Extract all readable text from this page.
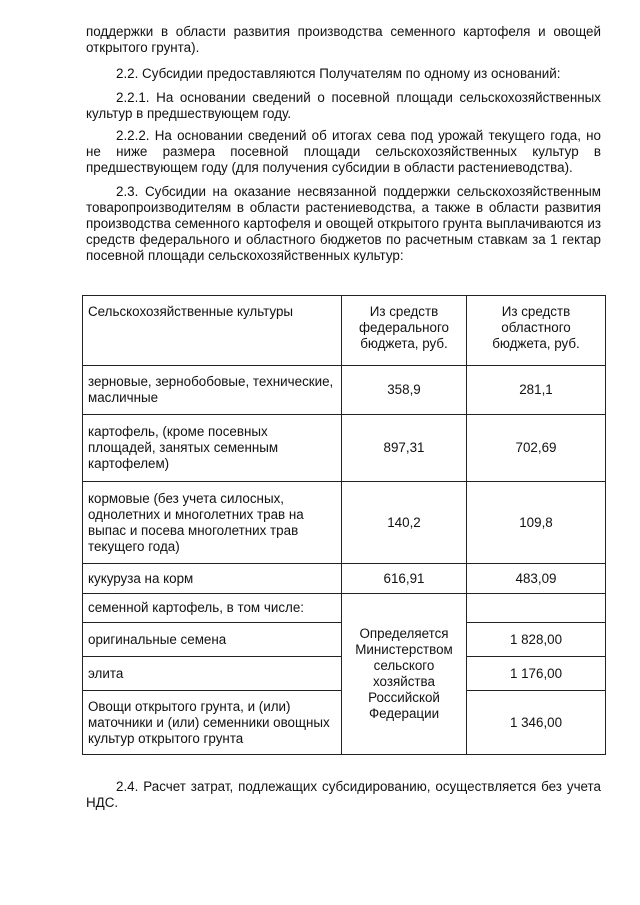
поддержки в области развития производства семенного картофеля и овощей открытого грунта).

2.2. Субсидии предоставляются Получателям по одному из оснований:

2.2.1. На основании сведений о посевной площади сельскохозяйственных культур в предшествующем году.

2.2.2. На основании сведений об итогах сева под урожай текущего года, но не ниже размера посевной площади сельскохозяйственных культур в предшествующем году (для получения субсидии в области растениеводства).

2.3. Субсидии на оказание несвязанной поддержки сельскохозяйственным товаропроизводителям в области растениеводства, а также в области развития производства семенного картофеля и овощей открытого грунта выплачиваются из средств федерального и областного бюджетов по расчетным ставкам за 1 гектар посевной площади сельскохозяйственных культур:

Сельскохозяйственные культуры	Из средств федерального бюджета, руб.	Из средств областного бюджета, руб.
зерновые, зернобобовые, технические, масличные	358,9	281,1
картофель, (кроме посевных площадей, занятых семенным картофелем)	897,31	702,69
кормовые (без учета силосных, однолетних и многолетних трав на выпас и посева многолетних трав текущего года)	140,2	109,8
кукуруза на корм	616,91	483,09
семенной картофель, в том числе:	Определяется Министерством сельского хозяйства Российской Федерации	
оригинальные семена		1 828,00
элита		1 176,00
Овощи открытого грунта, и (или) маточники и (или) семенники овощных культур открытого грунта		1 346,00

2.4. Расчет затрат, подлежащих субсидированию, осуществляется без учета НДС.
